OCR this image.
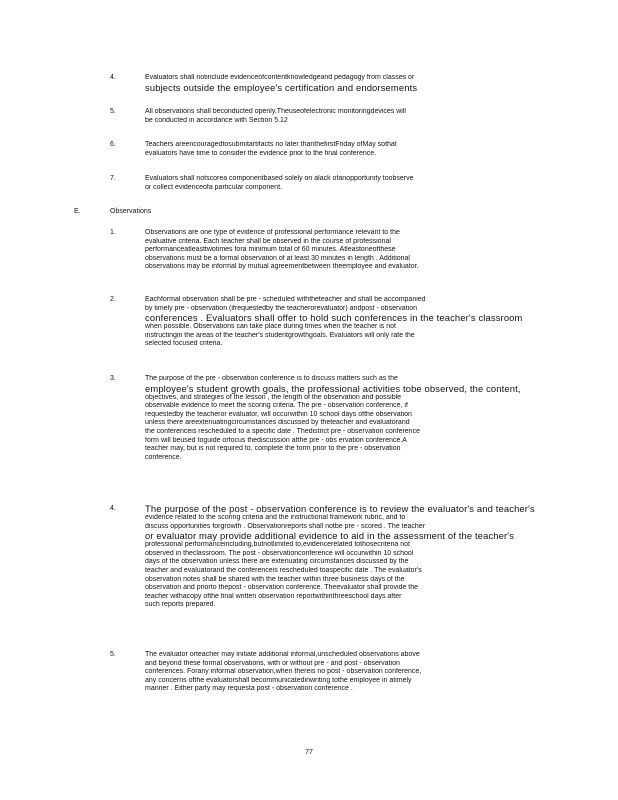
4.	Evaluators shall notinclude evidenceofcontentknowledgeand pedagogy from classes or
subjects outside the employee's certification and endorsements
5.	All observations shall beconducted openly.Theuseofelectronic monitoringdevices will
be conducted in accordance with Section 5.12
6.	Teachers areencouragedtosubmitartifacts no later thanthefirstFriday ofMay sothat
evaluators have time to consider the evidence prior to the final conference.
7.	Evaluators shall notscorea componentbased solely on alack ofanopportunity toobserve
or collect evidenceofa particular component.
E.	Observations
1.	Observations are one type of evidence of professional performance relevant to the
evaluative criteria. Each teacher shall be observed in the course of professional
performanceatleasttwotimes fora minimum total of 60 minutes. Atleastoneofthese
observations must be a formal observation of at least 30 minutes in length . Additional
observations may be informal by mutual agreementbetween theemployee and evaluator.
2.	Eachformal observation shall be pre - scheduled withtheteacher and shall be accompanied
by timely pre - observation (ifrequestedby the teacherorevaluator) andpost - observation
conferences . Evaluators shall offer to hold such conferences in the teacher's classroom
when possible. Observations can take place during times when the teacher is not
instructingin the areas of the teacher's studentgrowthgoals. Evaluators will only rate the
selected focused criteria.
3.	The purpose of the pre - observation conference is to discuss matters such as the
employee's student growth goals, the professional activities tobe observed, the content,
objectives, and strategies of the lesson , the length of the observation and possible
observable evidence to meet the scoring criteria. The pre - observation conference, if
requestedby the teacheror evaluator, will occurwithin 10 school days ofthe observation
unless there areextenuatingcircumstances discussed by theteacher and evaluatorand
the conferenceis rescheduled to a specific date . Thedistrict pre - observation conference
form will beused toguide orfocus thediscussion atthe pre - obs ervation conference.A
teacher may, but is not required to, complete the form prior to the pre - observation
conference.
4.	The purpose of the post - observation conference is to review the evaluator's and teacher's
evidence related to the scoring criteria and the instructional framework rubric, and to
discuss opportunities forgrowth . Observationreports shall notbe pre - scored . The teacher
or evaluator may provide additional evidence to aid in the assessment of the teacher's
professional performanceincluding,butnotlimited to,evidencerelated tothosecriteria not
observed in theclassroom. The post - observationconference will occurwithin 10 school
days of the observation unless there are extenuating circumstances discussed by the
teacher and evaluatorand the conferenceis rescheduled toaspecific date . The evaluator's
observation notes shall be shared with the teacher within three business days of the
observation and priorto thepost - observation conference. Theevaluator shall provide the
teacher withacopy ofthe final written observation reportwithinthreeschool days after
such reports prepared.
5.	The evaluator orteacher may initiate additional informal,unscheduled observations above
and beyond these formal observations, with or without pre - and post - observation
conferences. Forany informal observation,when thereis no post - observation conference,
any concerns ofthe evaluatorshall becommunicatedinwriting tothe employee in atimely
manner . Either party may requesta post - observation conference .
77
